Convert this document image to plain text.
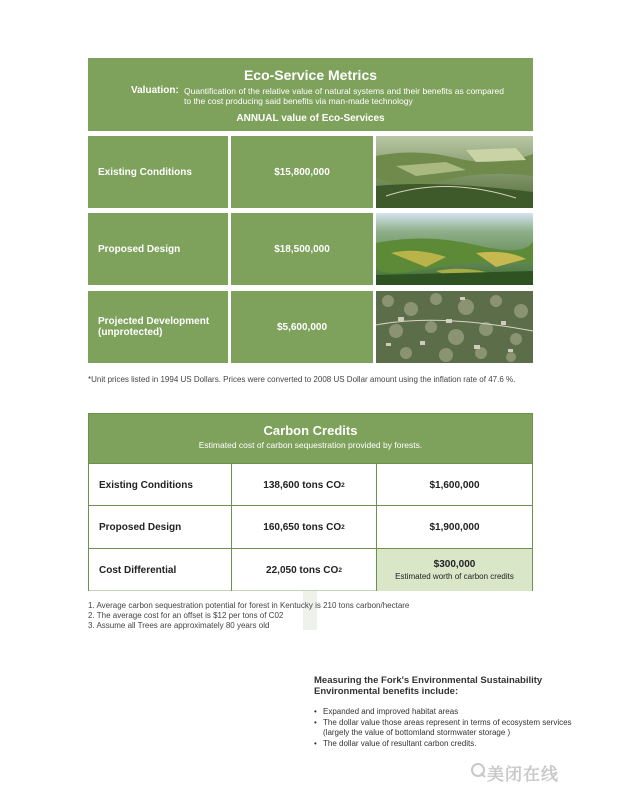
Eco-Service Metrics
Valuation: Quantification of the relative value of natural systems and their benefits as compared to the cost producing said benefits via man-made technology
ANNUAL value of Eco-Services
Existing Conditions	$15,800,000
Proposed Design	$18,500,000
Projected Development (unprotected)	$5,600,000
*Unit prices listed in 1994 US Dollars. Prices were converted to 2008 US Dollar amount using the inflation rate of 47.6 %.
Carbon Credits
Estimated cost of carbon sequestration provided by forests.
Existing Conditions	138,600 tons CO 2	$1,600,000
Proposed Design	160,650 tons CO 2	$1,900,000
Cost Differential	22,050 tons CO 2	$300,000
Estimated worth of carbon credits
1. Average carbon sequestration potential for forest in Kentucky is 210 tons carbon/hectare
2. The average cost for an offset is $12 per tons of C02
3. Assume all Trees are approximately 80 years old
Measuring the Fork's Environmental Sustainability
Environmental benefits include:
• Expanded and improved habitat areas
• The dollar value those areas represent in terms of ecosystem services (largely the value of bottomland stormwater storage )
• The dollar value of resultant carbon credits.
美闭在线
